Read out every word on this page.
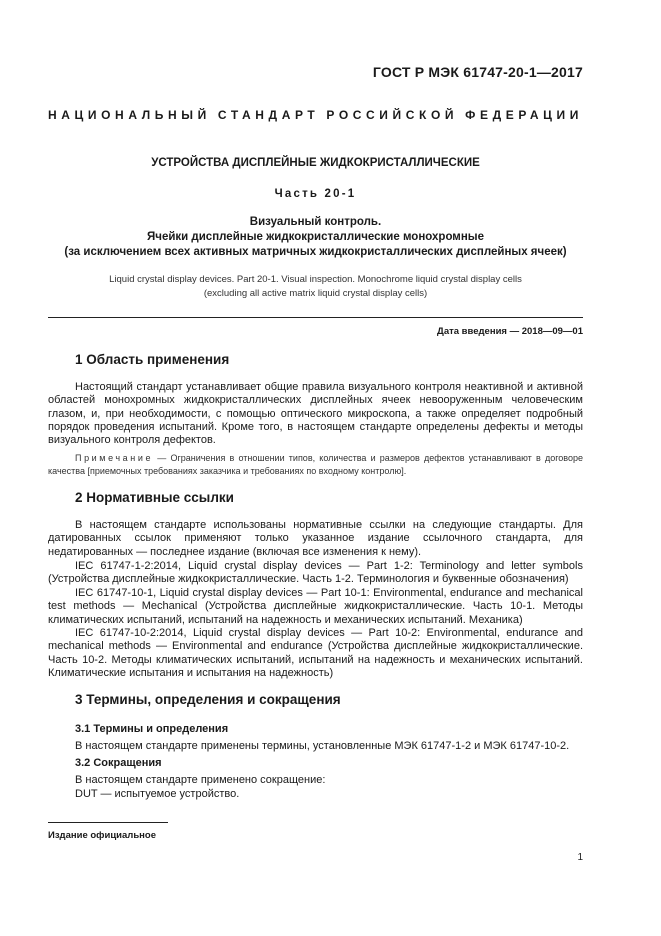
ГОСТ Р МЭК 61747-20-1—2017
НАЦИОНАЛЬНЫЙ СТАНДАРТ РОССИЙСКОЙ ФЕДЕРАЦИИ
УСТРОЙСТВА ДИСПЛЕЙНЫЕ ЖИДКОКРИСТАЛЛИЧЕСКИЕ
Часть 20-1
Визуальный контроль.
Ячейки дисплейные жидкокристаллические монохромные
(за исключением всех активных матричных жидкокристаллических дисплейных ячеек)
Liquid crystal display devices. Part 20-1. Visual inspection. Monochrome liquid crystal display cells
(excluding all active matrix liquid crystal display cells)
Дата введения — 2018—09—01
1 Область применения
Настоящий стандарт устанавливает общие правила визуального контроля неактивной и активной областей монохромных жидкокристаллических дисплейных ячеек невооруженным человеческим глазом, и, при необходимости, с помощью оптического микроскопа, а также определяет подробный порядок проведения испытаний. Кроме того, в настоящем стандарте определены дефекты и методы визуального контроля дефектов.
Примечание — Ограничения в отношении типов, количества и размеров дефектов устанавливают в договоре качества [приемочных требованиях заказчика и требованиях по входному контролю].
2 Нормативные ссылки
В настоящем стандарте использованы нормативные ссылки на следующие стандарты. Для датированных ссылок применяют только указанное издание ссылочного стандарта, для недатированных — последнее издание (включая все изменения к нему).
IEC 61747-1-2:2014, Liquid crystal display devices — Part 1-2: Terminology and letter symbols (Устройства дисплейные жидкокристаллические. Часть 1-2. Терминология и буквенные обозначения)
IEC 61747-10-1, Liquid crystal display devices — Part 10-1: Environmental, endurance and mechanical test methods — Mechanical (Устройства дисплейные жидкокристаллические. Часть 10-1. Методы климатических испытаний, испытаний на надежность и механических испытаний. Механика)
IEC 61747-10-2:2014, Liquid crystal display devices — Part 10-2: Environmental, endurance and mechanical methods — Environmental and endurance (Устройства дисплейные жидкокристаллические. Часть 10-2. Методы климатических испытаний, испытаний на надежность и механических испытаний. Климатические испытания и испытания на надежность)
3 Термины, определения и сокращения
3.1 Термины и определения
В настоящем стандарте применены термины, установленные МЭК 61747-1-2 и МЭК 61747-10-2.
3.2 Сокращения
В настоящем стандарте применено сокращение:
DUT — испытуемое устройство.
Издание официальное
1
